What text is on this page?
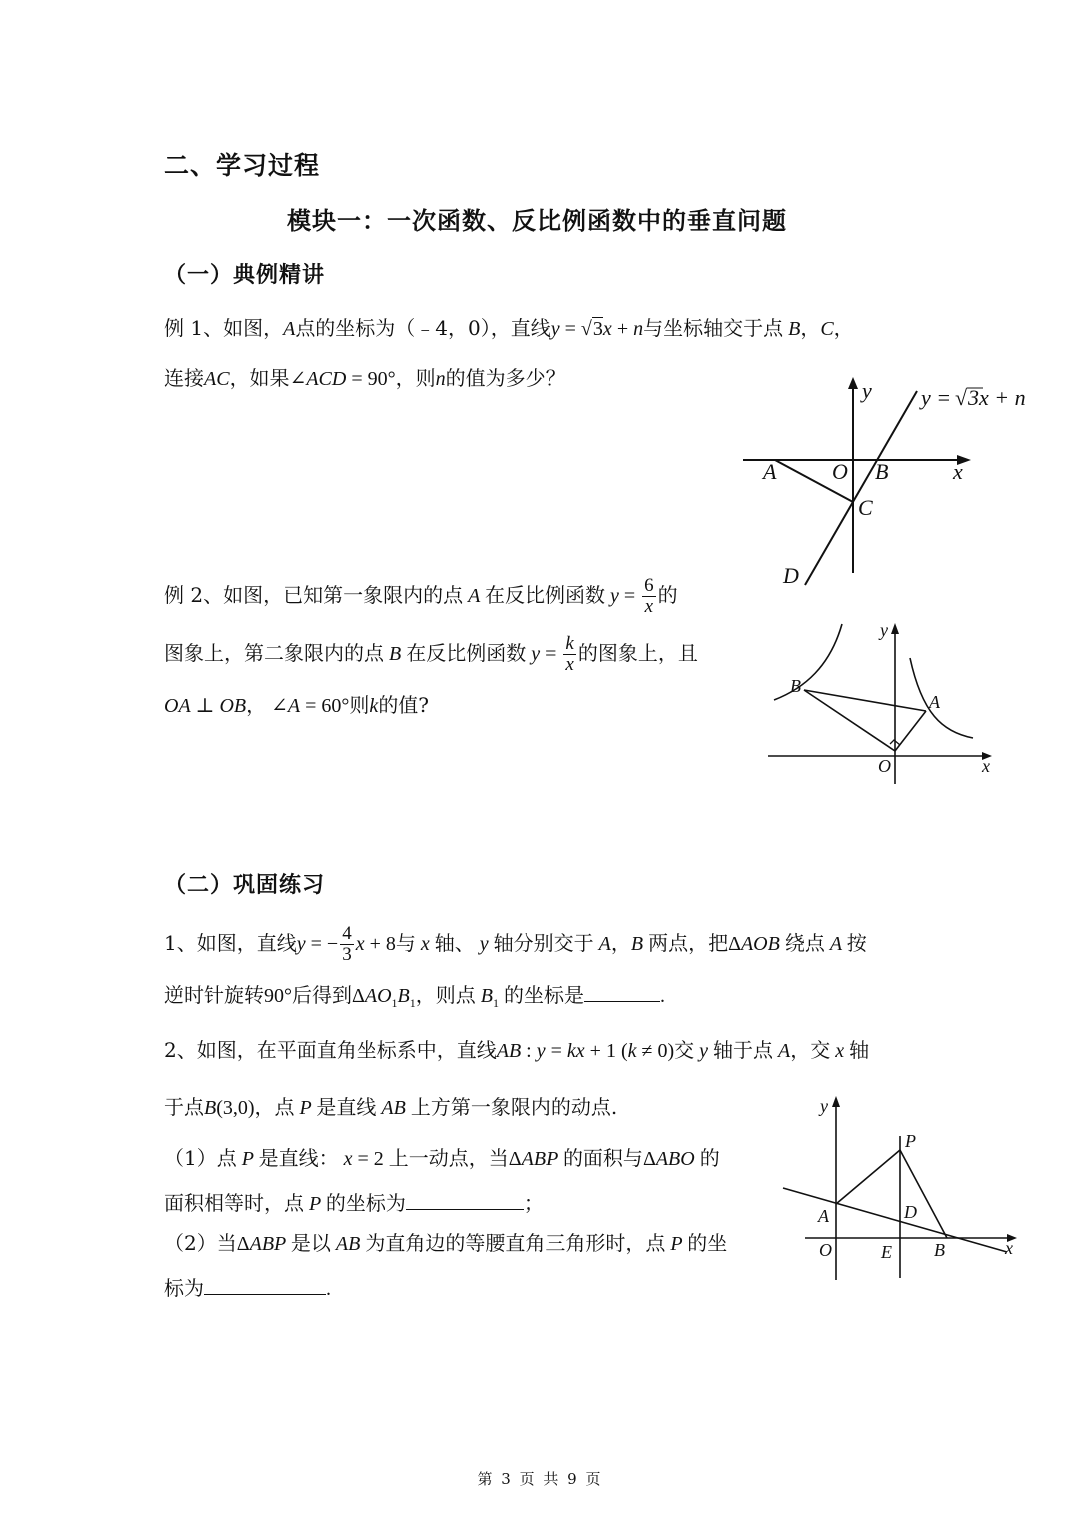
二、学习过程
模块一：一次函数、反比例函数中的垂直问题
（一）典例精讲
例 1、如图，A点的坐标为（﹣4，0），直线y = √3x + n与坐标轴交于点 B，C，
连接AC，如果∠ACD = 90°，则n的值为多少？
A	O B
C
D
x
y y = √ 3x + n
例 2、如图，已知第一象限内的点 A 在反比例函数 $y = \frac{6}{x}$ 的
图象上，第二象限内的点 B 在反比例函数 $y = \frac{k}{x}$ 的图象上，且
OA ⊥ OB， ∠A = 60°则k的值?
B
A
O	x
y
（二）巩固练习
1、如图，直线y = − $\frac{4}{3}$ x + 8与 x 轴、 y 轴分别交于 A，B 两点，把ΔAOB 绕点 A 按
逆时针旋转90°后得到$\Delta AO_1B_1$，则点 $B_1$ 的坐标是	.
2、如图，在平面直角坐标系中，直线AB : y = kx + 1 (k ≠ 0)交 y 轴于点 A，交 x 轴
于点B(3,0)，点 P 是直线 AB 上方第一象限内的动点.
（1）点 P 是直线： x = 2 上一动点，当ΔABP 的面积与ΔABO 的
面积相等时，点 P 的坐标为	；
（2）当ΔABP 是以 AB 为直角边的等腰直角三角形时，点 P 的坐
标为	.
P
A	D
O	E B	x
y
第 3 页 共 9 页
